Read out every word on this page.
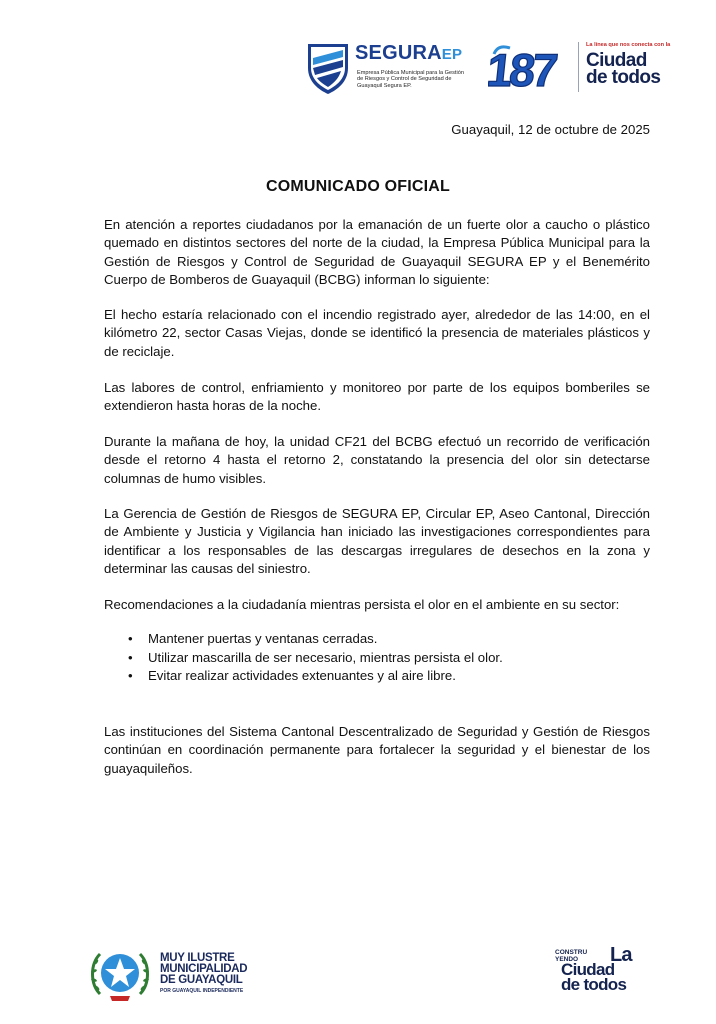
SEGURAEP
Empresa Pública Municipal para la Gestión de Riesgos y Control de Seguridad de Guayaquil Segura EP.	187	La línea que nos conecta con la
Ciudad
de todos
Guayaquil, 12 de octubre de 2025
COMUNICADO OFICIAL
En atención a reportes ciudadanos por la emanación de un fuerte olor a caucho o plástico quemado en distintos sectores del norte de la ciudad, la Empresa Pública Municipal para la Gestión de Riesgos y Control de Seguridad de Guayaquil SEGURA EP y el Benemérito Cuerpo de Bomberos de Guayaquil (BCBG) informan lo siguiente:
El hecho estaría relacionado con el incendio registrado ayer, alrededor de las 14:00, en el kilómetro 22, sector Casas Viejas, donde se identificó la presencia de materiales plásticos y de reciclaje.
Las labores de control, enfriamiento y monitoreo por parte de los equipos bomberiles se extendieron hasta horas de la noche.
Durante la mañana de hoy, la unidad CF21 del BCBG efectuó un recorrido de verificación desde el retorno 4 hasta el retorno 2, constatando la presencia del olor sin detectarse columnas de humo visibles.
La Gerencia de Gestión de Riesgos de SEGURA EP, Circular EP, Aseo Cantonal, Dirección de Ambiente y Justicia y Vigilancia han iniciado las investigaciones correspondientes para identificar a los responsables de las descargas irregulares de desechos en la zona y determinar las causas del siniestro.
Recomendaciones a la ciudadanía mientras persista el olor en el ambiente en su sector:
• Mantener puertas y ventanas cerradas.
• Utilizar mascarilla de ser necesario, mientras persista el olor.
• Evitar realizar actividades extenuantes y al aire libre.
Las instituciones del Sistema Cantonal Descentralizado de Seguridad y Gestión de Riesgos continúan en coordinación permanente para fortalecer la seguridad y el bienestar de los guayaquileños.
MUY ILUSTRE
MUNICIPALIDAD
DE GUAYAQUIL
POR GUAYAQUIL INDEPENDIENTE
CONSTRU
YENDO	La
Ciudad
de todos
